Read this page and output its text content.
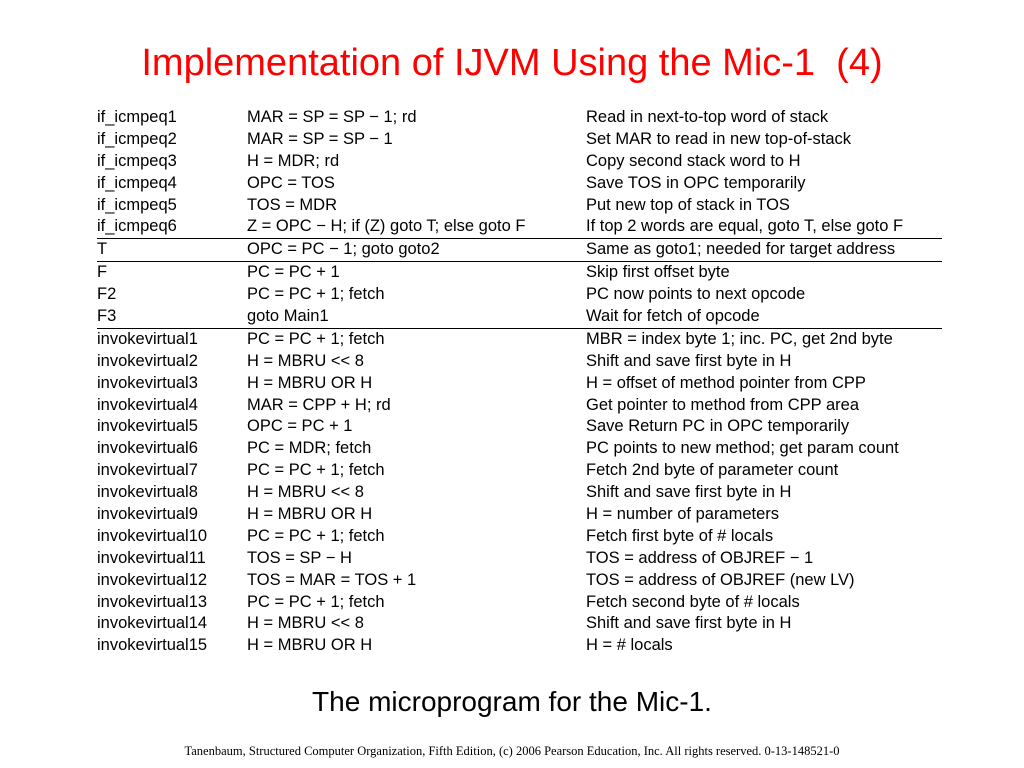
Implementation of IJVM Using the Mic-1  (4)
if_icmpeq1	MAR = SP = SP − 1; rd	Read in next-to-top word of stack
if_icmpeq2	MAR = SP = SP − 1	Set MAR to read in new top-of-stack
if_icmpeq3	H = MDR; rd	Copy second stack word to H
if_icmpeq4	OPC = TOS	Save TOS in OPC temporarily
if_icmpeq5	TOS = MDR	Put new top of stack in TOS
if_icmpeq6	Z = OPC − H; if (Z) goto T; else goto F	If top 2 words are equal, goto T, else goto F
T	OPC = PC − 1; goto goto2	Same as goto1; needed for target address
F	PC = PC + 1	Skip first offset byte
F2	PC = PC + 1; fetch	PC now points to next opcode
F3	goto Main1	Wait for fetch of opcode
invokevirtual1	PC = PC + 1; fetch	MBR = index byte 1; inc. PC, get 2nd byte
invokevirtual2	H = MBRU << 8	Shift and save first byte in H
invokevirtual3	H = MBRU OR H	H = offset of method pointer from CPP
invokevirtual4	MAR = CPP + H; rd	Get pointer to method from CPP area
invokevirtual5	OPC = PC + 1	Save Return PC in OPC temporarily
invokevirtual6	PC = MDR; fetch	PC points to new method; get param count
invokevirtual7	PC = PC + 1; fetch	Fetch 2nd byte of parameter count
invokevirtual8	H = MBRU << 8	Shift and save first byte in H
invokevirtual9	H = MBRU OR H	H = number of parameters
invokevirtual10 PC = PC + 1; fetch	Fetch first byte of # locals
invokevirtual11 TOS = SP − H	TOS = address of OBJREF − 1
invokevirtual12 TOS = MAR = TOS + 1	TOS = address of OBJREF (new LV)
invokevirtual13 PC = PC + 1; fetch	Fetch second byte of # locals
invokevirtual14 H = MBRU << 8	Shift and save first byte in H
invokevirtual15 H = MBRU OR H	H = # locals
The microprogram for the Mic-1.
Tanenbaum, Structured Computer Organization, Fifth Edition, (c) 2006 Pearson Education, Inc. All rights reserved. 0-13-148521-0
